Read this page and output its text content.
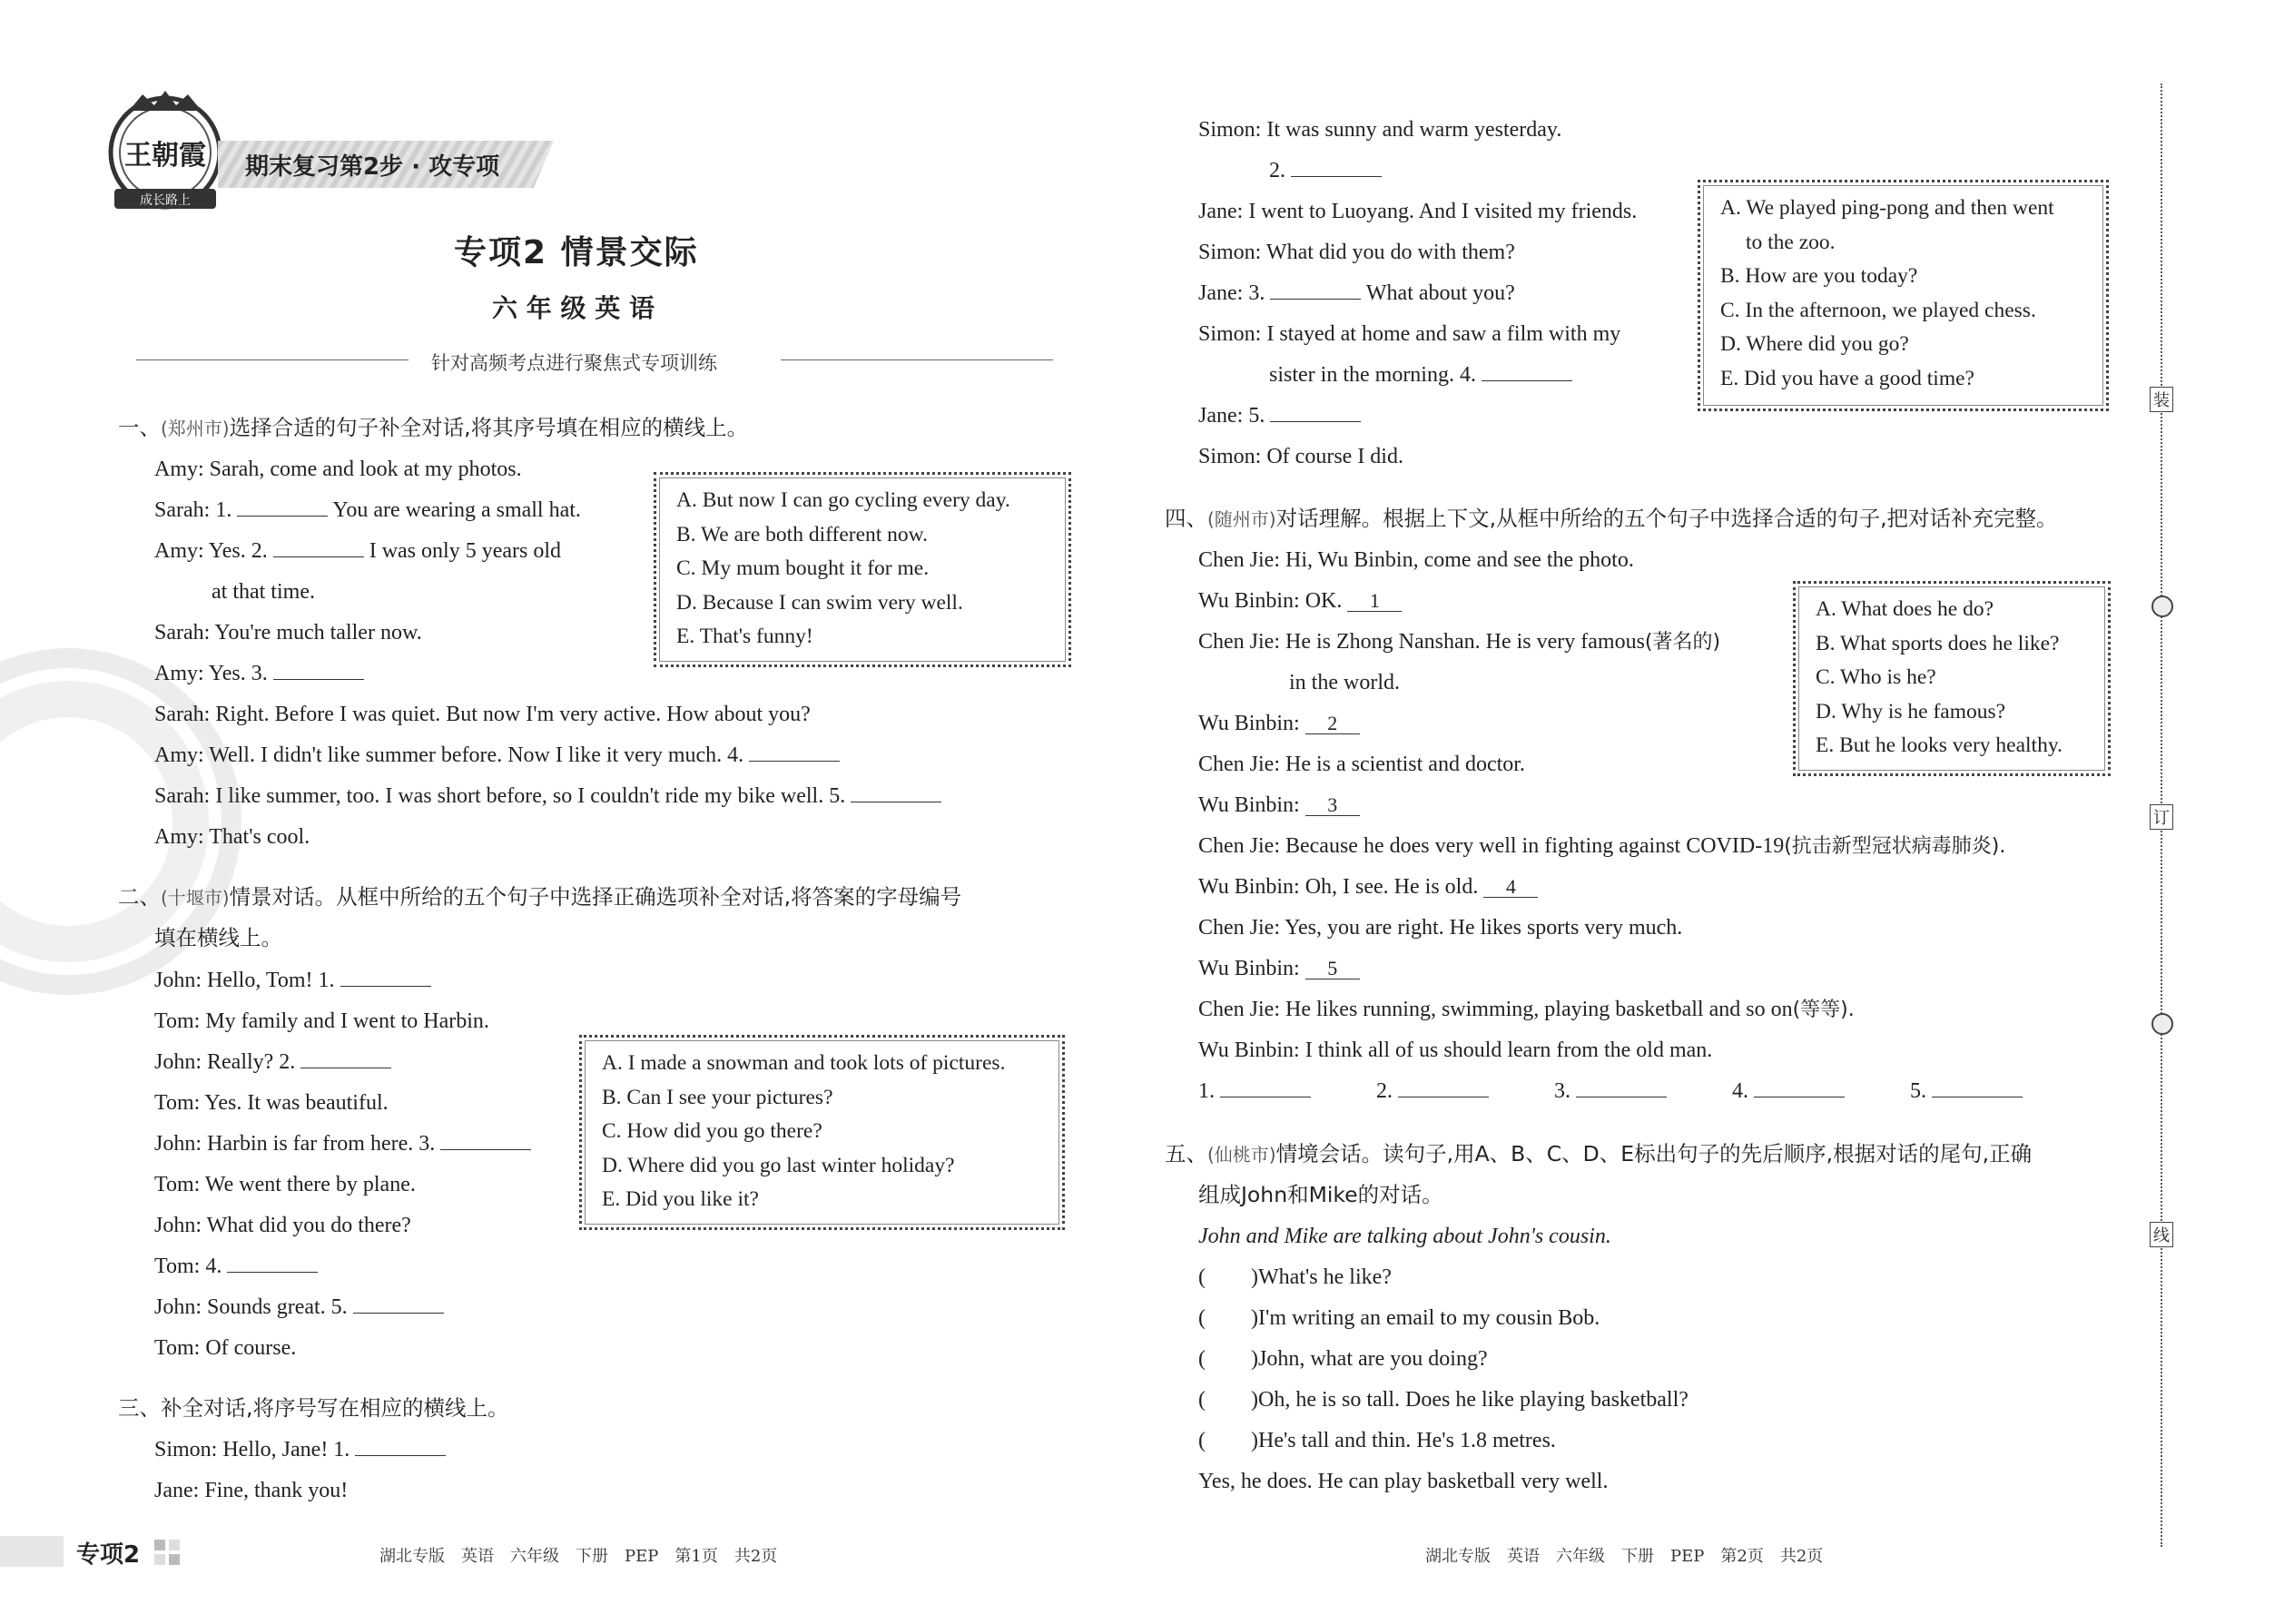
王朝霞
成长路上
期末复习第2步 · 攻专项
专项2 情景交际
六 年 级 英 语
针对高频考点进行聚焦式专项训练
一、(郑州市)选择合适的句子补全对话,将其序号填在相应的横线上。
Amy: Sarah, come and look at my photos.
Sarah: 1.	You are wearing a small hat.
Amy: Yes. 2.	I was only 5 years old
at that time.
Sarah: You're much taller now.
Amy: Yes. 3.
Sarah: Right. Before I was quiet. But now I'm very active. How about you?
Amy: Well. I didn't like summer before. Now I like it very much. 4.
Sarah: I like summer, too. I was short before, so I couldn't ride my bike well. 5.
Amy: That's cool.
A. But now I can go cycling every day.
B. We are both different now.
C. My mum bought it for me.
D. Because I can swim very well.
E. That's funny!
二、(十堰市)情景对话。从框中所给的五个句子中选择正确选项补全对话,将答案的字母编号
填在横线上。
John: Hello, Tom! 1.
Tom: My family and I went to Harbin.
John: Really? 2.
Tom: Yes. It was beautiful.
John: Harbin is far from here. 3.
Tom: We went there by plane.
John: What did you do there?
Tom: 4.
John: Sounds great. 5.
Tom: Of course.
A. I made a snowman and took lots of pictures.
B. Can I see your pictures?
C. How did you go there?
D. Where did you go last winter holiday?
E. Did you like it?
三、补全对话,将序号写在相应的横线上。
Simon: Hello, Jane! 1.
Jane: Fine, thank you!
专项2	湖北专版 英语 六年级 下册 PEP 第1页 共2页
Simon: It was sunny and warm yesterday.
2.
Jane: I went to Luoyang. And I visited my friends.
Simon: What did you do with them?
Jane: 3.	What about you?
Simon: I stayed at home and saw a film with my
sister in the morning. 4.
Jane: 5.
Simon: Of course I did.
A. We played ping-pong and then went
to the zoo.
B. How are you today?
C. In the afternoon, we played chess.
D. Where did you go?
E. Did you have a good time?
四、(随州市)对话理解。根据上下文,从框中所给的五个句子中选择合适的句子,把对话补充完整。
Chen Jie: Hi, Wu Binbin, come and see the photo.
Wu Binbin: OK. 1
Chen Jie: He is Zhong Nanshan. He is very famous(著名的)
in the world.
Wu Binbin: 2
Chen Jie: He is a scientist and doctor.
Wu Binbin: 3
Chen Jie: Because he does very well in fighting against COVID-19(抗击新型冠状病毒肺炎).
Wu Binbin: Oh, I see. He is old. 4
Chen Jie: Yes, you are right. He likes sports very much.
Wu Binbin: 5
Chen Jie: He likes running, swimming, playing basketball and so on(等等).
Wu Binbin: I think all of us should learn from the old man.
1.	2.	3.	4.	5.
A. What does he do?
B. What sports does he like?
C. Who is he?
D. Why is he famous?
E. But he looks very healthy.
五、(仙桃市)情境会话。读句子,用A、B、C、D、E标出句子的先后顺序,根据对话的尾句,正确
组成John和Mike的对话。
John and Mike are talking about John's cousin.
( )What's he like?
( )I'm writing an email to my cousin Bob.
( )John, what are you doing?
( )Oh, he is so tall. Does he like playing basketball?
( )He's tall and thin. He's 1.8 metres.
Yes, he does. He can play basketball very well.
湖北专版 英语 六年级 下册 PEP 第2页 共2页
装
订
线
